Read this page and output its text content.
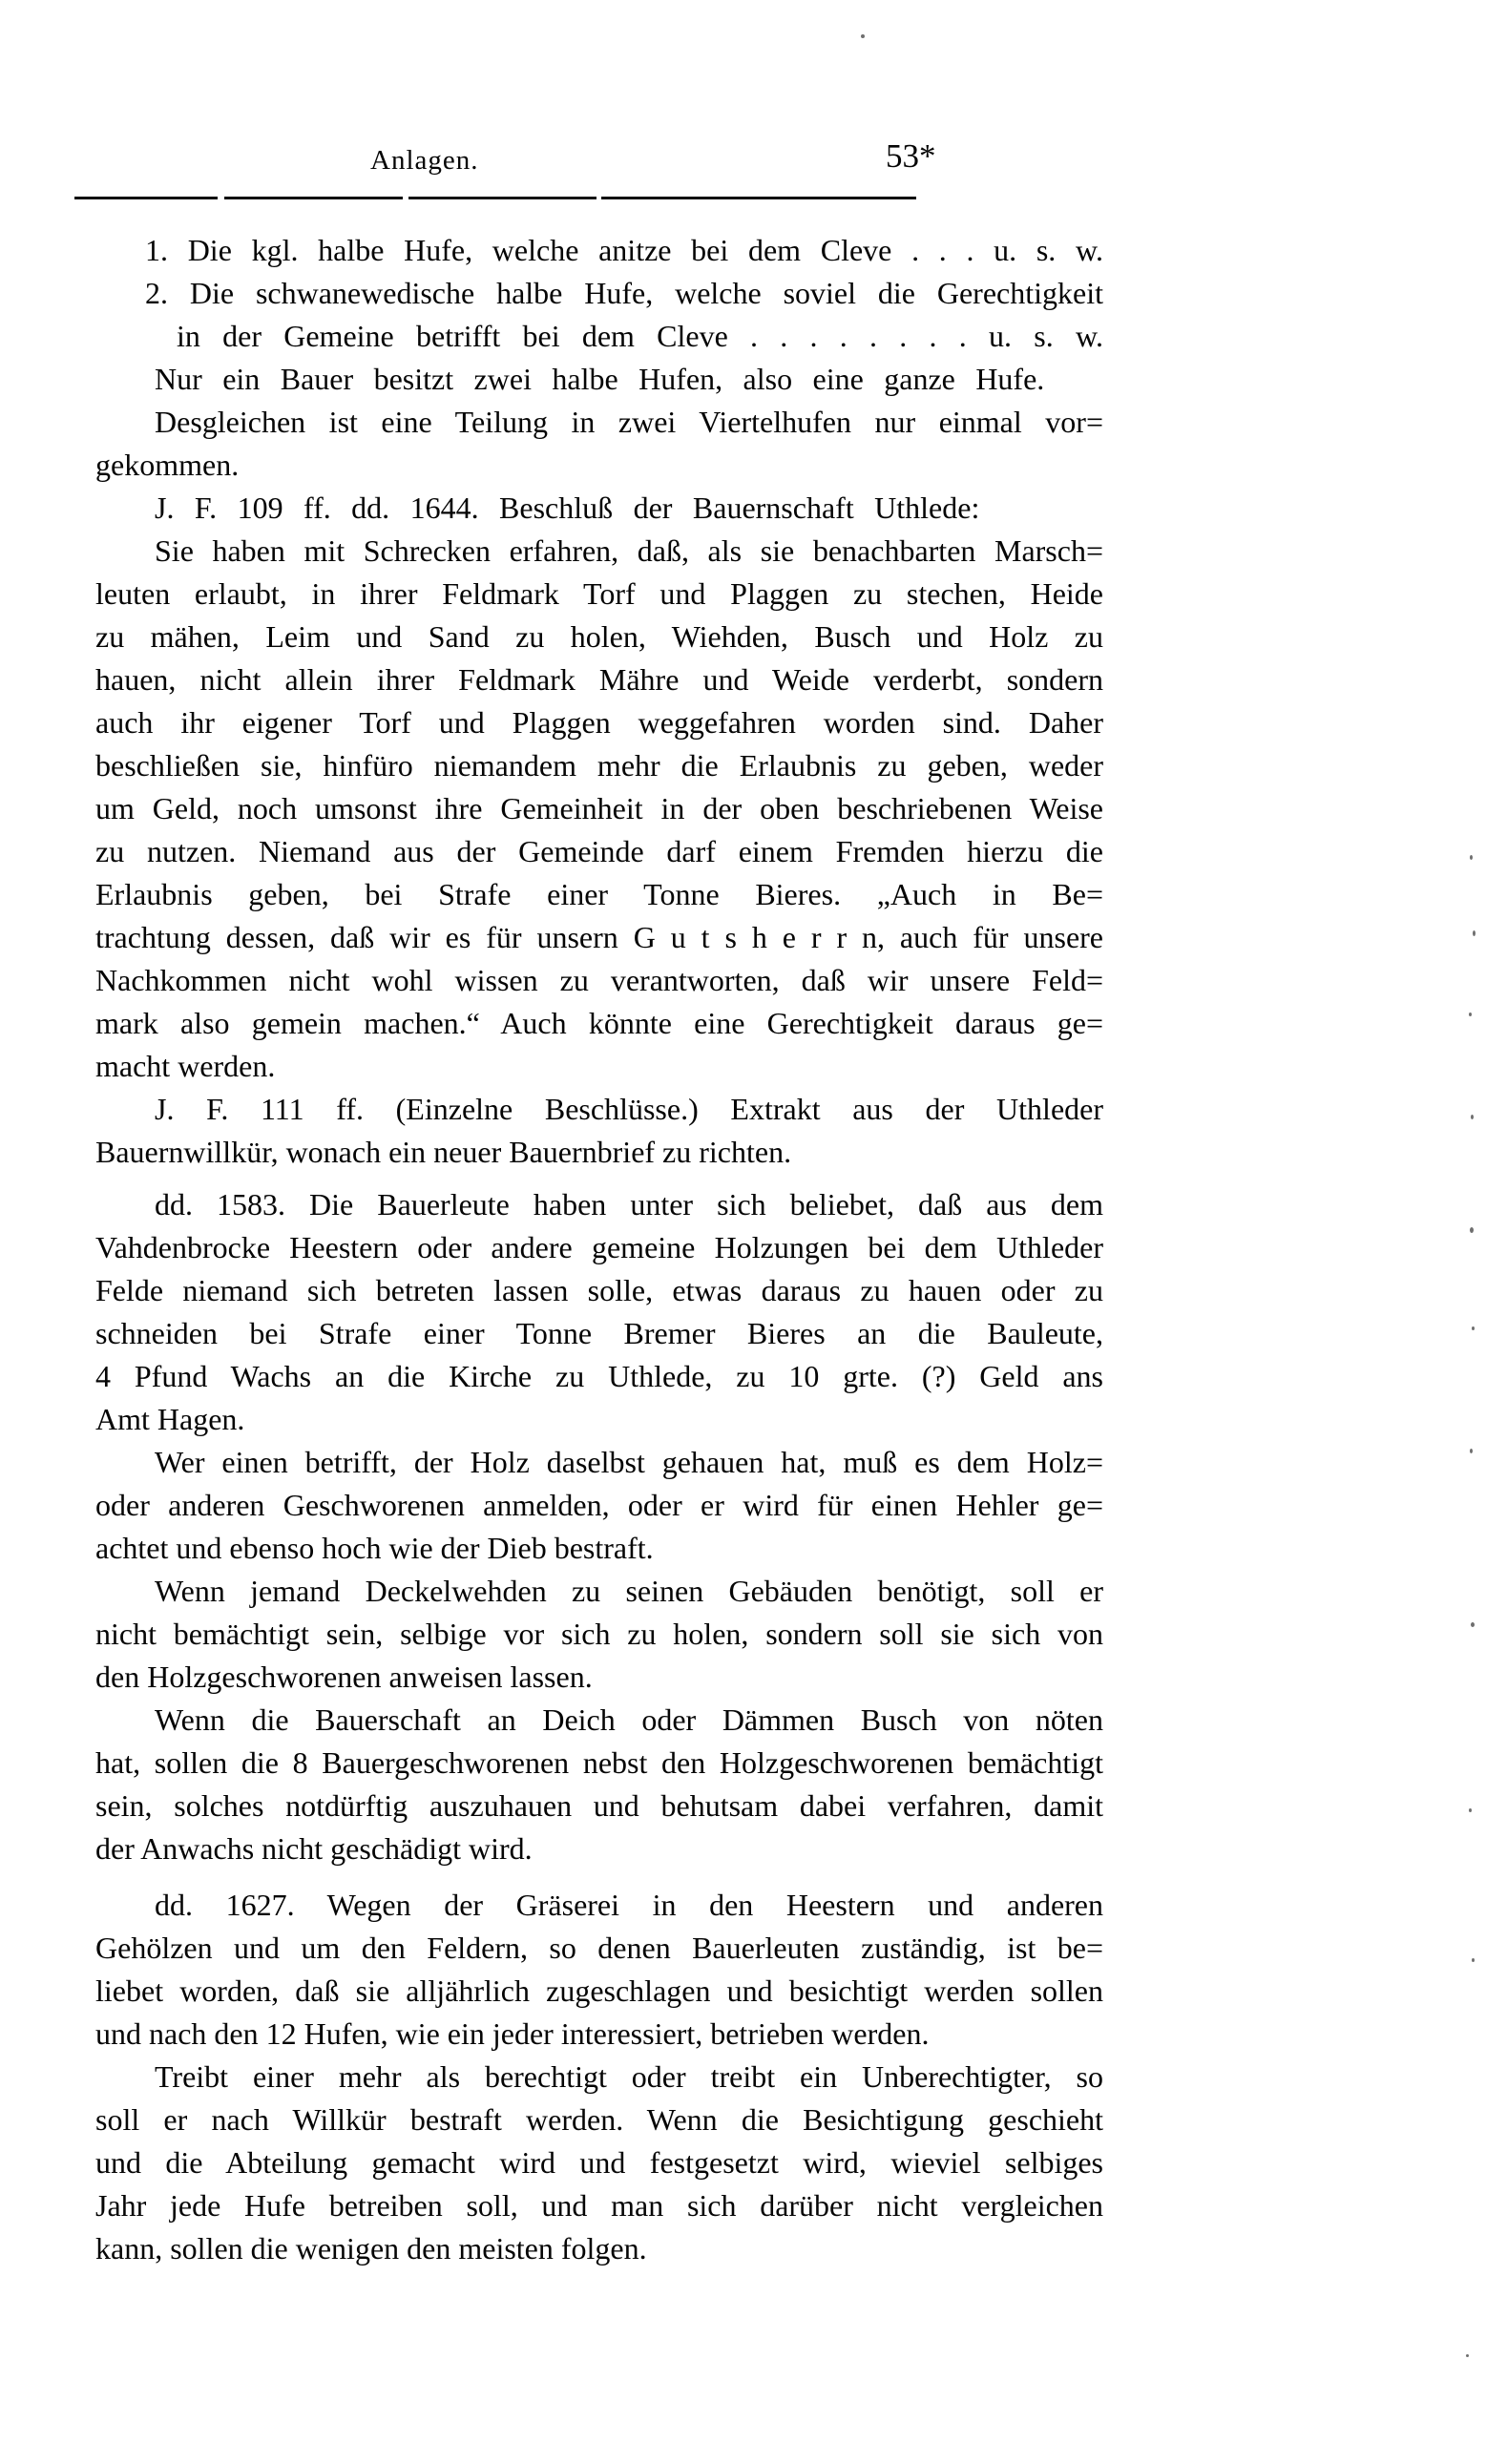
Anlagen.	53*
1. Die kgl. halbe Hufe, welche anitze bei dem Cleve . . . u. s. w.
2. Die schwanewedische halbe Hufe, welche soviel die Gerechtigkeit
in der Gemeine betrifft bei dem Cleve . . . . . . . . u. s. w.
Nur ein Bauer besitzt zwei halbe Hufen, also eine ganze Hufe.
Desgleichen ist eine Teilung in zwei Viertelhufen nur einmal vor=
gekommen.
J. F. 109 ff. dd. 1644. Beschluß der Bauernschaft Uthlede:
Sie haben mit Schrecken erfahren, daß, als sie benachbarten Marsch=
leuten erlaubt, in ihrer Feldmark Torf und Plaggen zu stechen, Heide
zu mähen, Leim und Sand zu holen, Wiehden, Busch und Holz zu
hauen, nicht allein ihrer Feldmark Mähre und Weide verderbt, sondern
auch ihr eigener Torf und Plaggen weggefahren worden sind. Daher
beschließen sie, hinfüro niemandem mehr die Erlaubnis zu geben, weder
um Geld, noch umsonst ihre Gemeinheit in der oben beschriebenen Weise
zu nutzen. Niemand aus der Gemeinde darf einem Fremden hierzu die
Erlaubnis geben, bei Strafe einer Tonne Bieres. „Auch in Be=
trachtung dessen, daß wir es für unsern G u t s h e r r n, auch für unsere
Nachkommen nicht wohl wissen zu verantworten, daß wir unsere Feld=
mark also gemein machen.“ Auch könnte eine Gerechtigkeit daraus ge=
macht werden.
J. F. 111 ff. (Einzelne Beschlüsse.) Extrakt aus der Uthleder
Bauernwillkür, wonach ein neuer Bauernbrief zu richten.
dd. 1583. Die Bauerleute haben unter sich beliebet, daß aus dem
Vahdenbrocke Heestern oder andere gemeine Holzungen bei dem Uthleder
Felde niemand sich betreten lassen solle, etwas daraus zu hauen oder zu
schneiden bei Strafe einer Tonne Bremer Bieres an die Bauleute,
4 Pfund Wachs an die Kirche zu Uthlede, zu 10 grte. (?) Geld ans
Amt Hagen.
Wer einen betrifft, der Holz daselbst gehauen hat, muß es dem Holz=
oder anderen Geschworenen anmelden, oder er wird für einen Hehler ge=
achtet und ebenso hoch wie der Dieb bestraft.
Wenn jemand Deckelwehden zu seinen Gebäuden benötigt, soll er
nicht bemächtigt sein, selbige vor sich zu holen, sondern soll sie sich von
den Holzgeschworenen anweisen lassen.
Wenn die Bauerschaft an Deich oder Dämmen Busch von nöten
hat, sollen die 8 Bauergeschworenen nebst den Holzgeschworenen bemächtigt
sein, solches notdürftig auszuhauen und behutsam dabei verfahren, damit
der Anwachs nicht geschädigt wird.
dd. 1627. Wegen der Gräserei in den Heestern und anderen
Gehölzen und um den Feldern, so denen Bauerleuten zuständig, ist be=
liebet worden, daß sie alljährlich zugeschlagen und besichtigt werden sollen
und nach den 12 Hufen, wie ein jeder interessiert, betrieben werden.
Treibt einer mehr als berechtigt oder treibt ein Unberechtigter, so
soll er nach Willkür bestraft werden. Wenn die Besichtigung geschieht
und die Abteilung gemacht wird und festgesetzt wird, wieviel selbiges
Jahr jede Hufe betreiben soll, und man sich darüber nicht vergleichen
kann, sollen die wenigen den meisten folgen.
